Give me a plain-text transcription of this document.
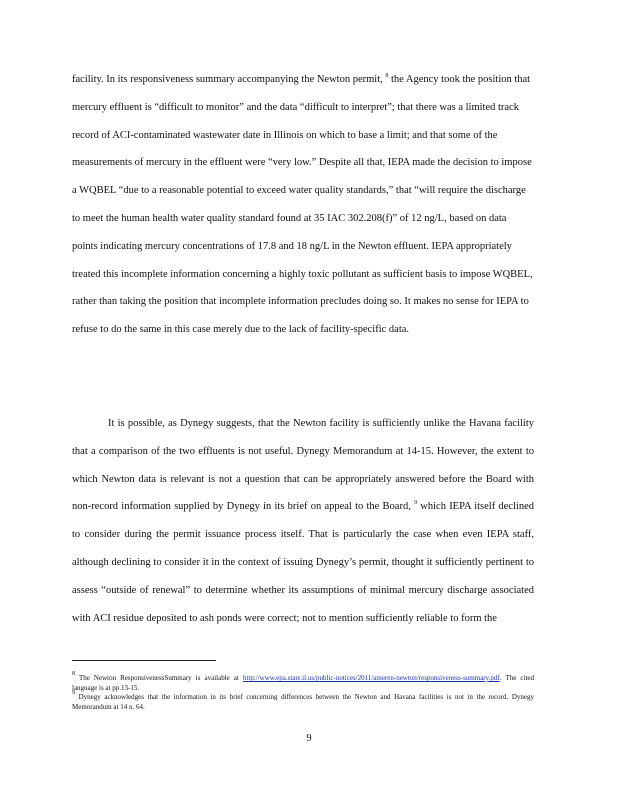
facility. In its responsiveness summary accompanying the Newton permit, $^8$ the Agency took the position that mercury effluent is “difficult to monitor” and the data “difficult to interpret”; that there was a limited track record of ACI-contaminated wastewater date in Illinois on which to base a limit; and that some of the measurements of mercury in the effluent were “very low.” Despite all that, IEPA made the decision to impose a WQBEL “due to a reasonable potential to exceed water quality standards,” that “will require the discharge to meet the human health water quality standard found at 35 IAC 302.208(f)” of 12 ng/L, based on data points indicating mercury concentrations of 17.8 and 18 ng/L in the Newton effluent. IEPA appropriately treated this incomplete information concerning a highly toxic pollutant as sufficient basis to impose WQBEL, rather than taking the position that incomplete information precludes doing so. It makes no sense for IEPA to refuse to do the same in this case merely due to the lack of facility-specific data.

It is possible, as Dynegy suggests, that the Newton facility is sufficiently unlike the Havana facility that a comparison of the two effluents is not useful. Dynegy Memorandum at 14-15. However, the extent to which Newton data is relevant is not a question that can be appropriately answered before the Board with non-record information supplied by Dynegy in its brief on appeal to the Board, $^9$ which IEPA itself declined to consider during the permit issuance process itself. That is particularly the case when even IEPA staff, although declining to consider it in the context of issuing Dynegy’s permit, thought it sufficiently pertinent to assess “outside of renewal” to determine whether its assumptions of minimal mercury discharge associated with ACI residue deposited to ash ponds were correct; not to mention sufficiently reliable to form the

$^8$ The Newton ResponsivenessSummary is available at http://www.epa.state.il.us/public-notices/2011/ameren-newton/responsiveness-summary.pdf. The cited language is at pp.13-15.

$^9$ Dynegy acknowledges that the information in its brief concerning differences between the Newton and Havana facilities is not in the record. Dynegy Memorandum at 14 n. 64.

9
